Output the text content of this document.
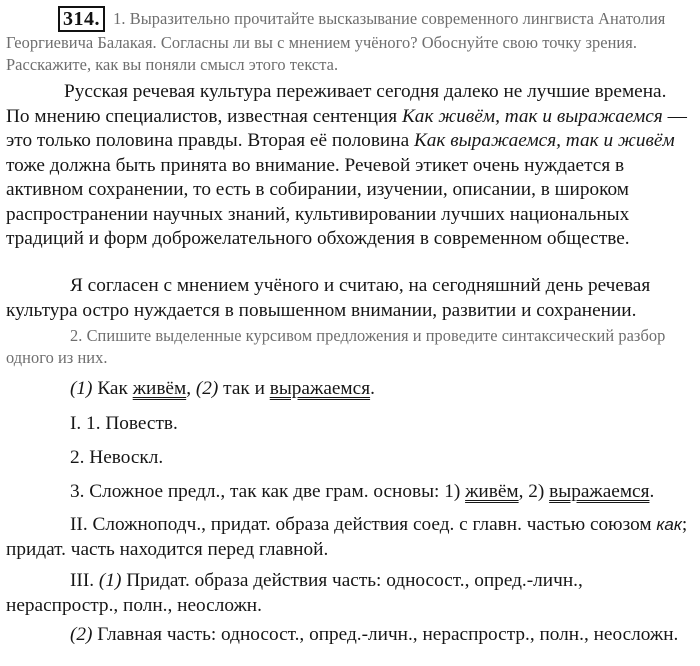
314. 1. Выразительно прочитайте высказывание современного лингвиста Анатолия Георгиевича Балакая. Согласны ли вы с мнением учёного? Обоснуйте свою точку зрения. Расскажите, как вы поняли смысл этого текста.
Русская речевая культура переживает сегодня далеко не лучшие времена. По мнению специалистов, известная сентенция Как живём, так и выражаемся — это только половина правды. Вторая её половина Как выражаемся, так и живём тоже должна быть принята во внимание. Речевой этикет очень нуждается в активном сохранении, то есть в собирании, изучении, описании, в широком распространении научных знаний, культивировании лучших национальных традиций и форм доброжелательного обхождения в современном обществе.
Я согласен с мнением учёного и считаю, на сегодняшний день речевая культура остро нуждается в повышенном внимании, развитии и сохранении.
2. Спишите выделенные курсивом предложения и проведите синтаксический разбор одного из них.
(1) Как живём, (2) так и выражаемся.
I. 1. Повеств.
2. Невоскл.
3. Сложное предл., так как две грам. основы: 1) живём, 2) выражаемся.
II. Сложноподч., придат. образа действия соед. с главн. частью союзом как; придат. часть находится перед главной.
III. (1) Придат. образа действия часть: односост., опред.-личн., нераспростр., полн., неосложн.
(2) Главная часть: односост., опред.-личн., нераспростр., полн., неосложн.
